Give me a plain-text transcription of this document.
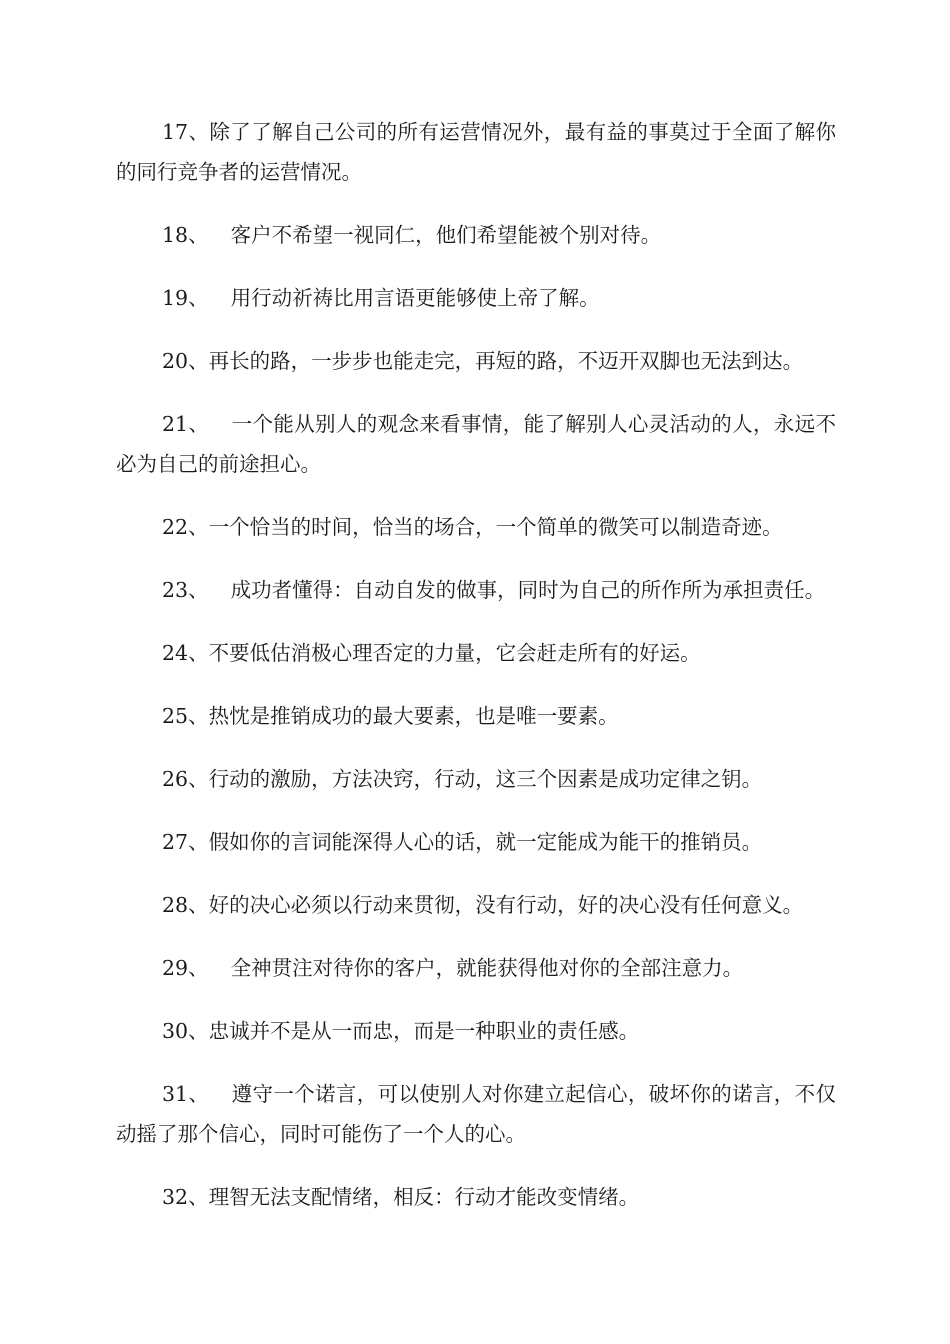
17、除了了解自己公司的所有运营情况外，最有益的事莫过于全面了解你的同行竞争者的运营情况。

18、 客户不希望一视同仁，他们希望能被个别对待。

19、 用行动祈祷比用言语更能够使上帝了解。

20、再长的路，一步步也能走完，再短的路，不迈开双脚也无法到达。

21、 一个能从别人的观念来看事情，能了解别人心灵活动的人，永远不必为自己的前途担心。

22、一个恰当的时间，恰当的场合，一个简单的微笑可以制造奇迹。

23、 成功者懂得：自动自发的做事，同时为自己的所作所为承担责任。

24、不要低估消极心理否定的力量，它会赶走所有的好运。

25、热忱是推销成功的最大要素，也是唯一要素。

26、行动的激励，方法决窍，行动，这三个因素是成功定律之钥。

27、假如你的言词能深得人心的话，就一定能成为能干的推销员。

28、好的决心必须以行动来贯彻，没有行动，好的决心没有任何意义。

29、 全神贯注对待你的客户，就能获得他对你的全部注意力。

30、忠诚并不是从一而忠，而是一种职业的责任感。

31、 遵守一个诺言，可以使别人对你建立起信心，破坏你的诺言，不仅动摇了那个信心，同时可能伤了一个人的心。

32、理智无法支配情绪，相反：行动才能改变情绪。
